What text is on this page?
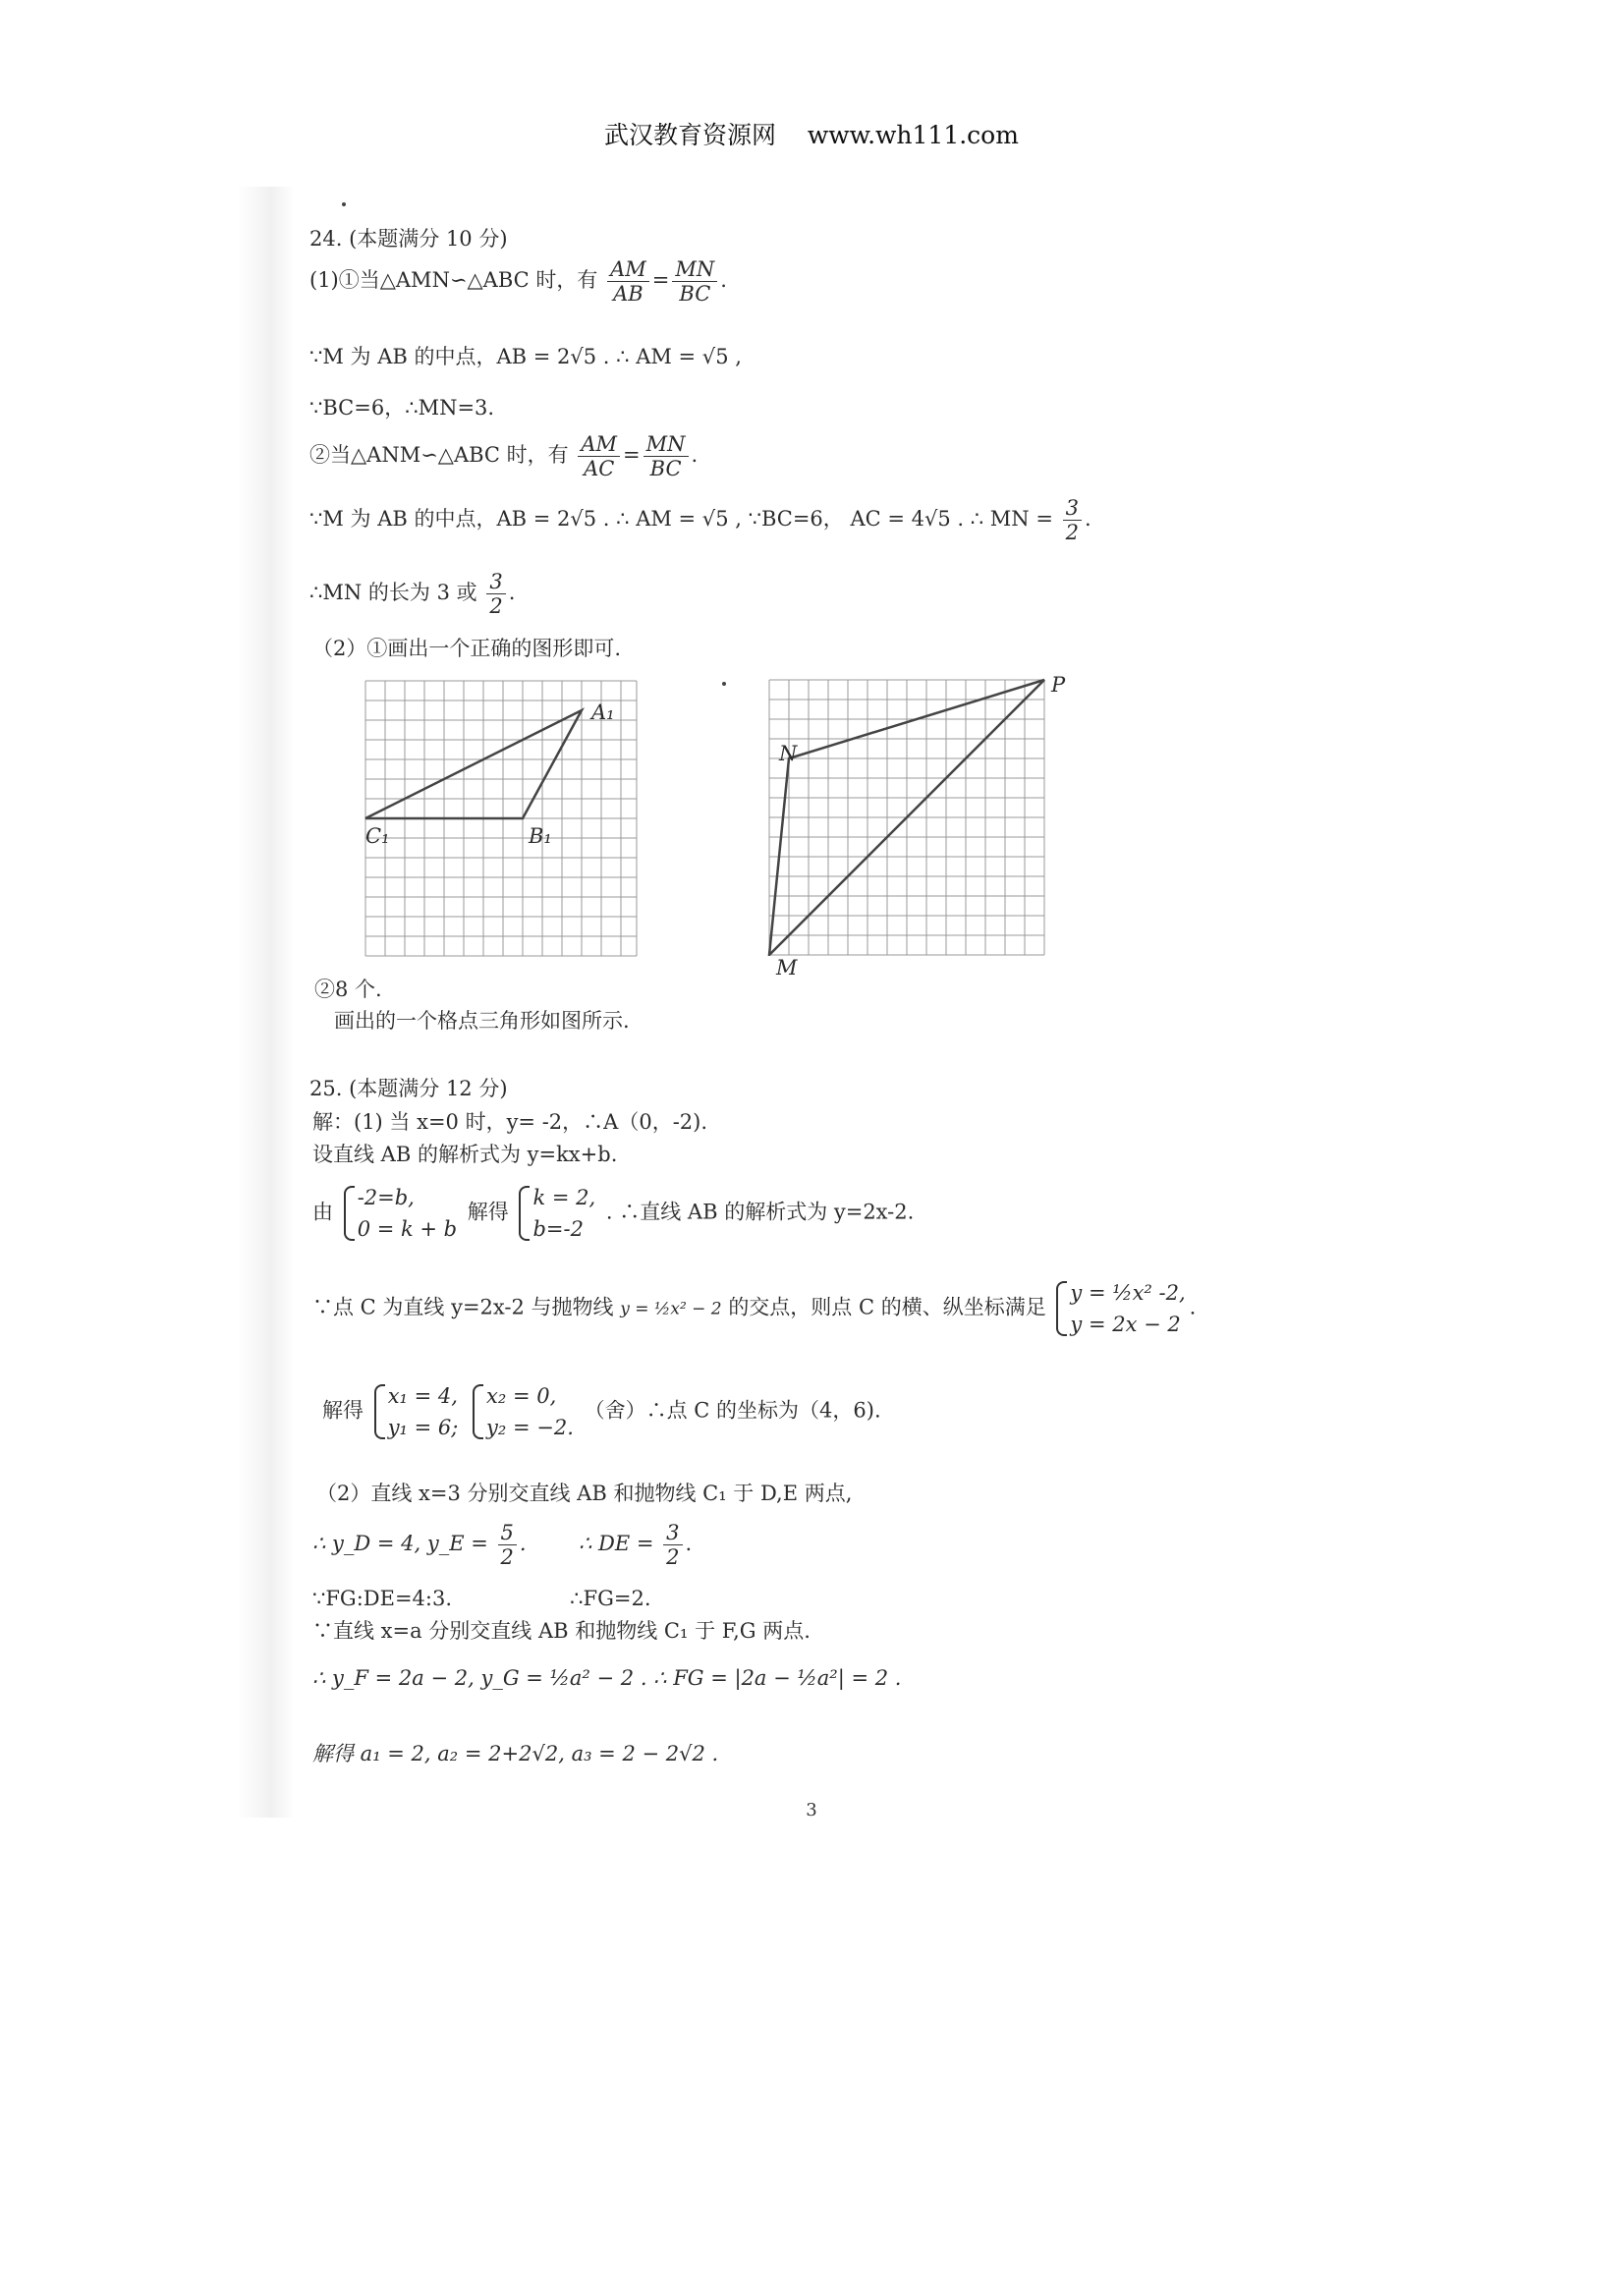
武汉教育资源网 www.wh111.com
24. (本题满分 10 分)
(1)①当△AMN∽△ABC 时，有 $\frac{AM}{AB} = \frac{MN}{BC}$ .
∵M 为 AB 的中点，AB = 2√5 . ∴ AM = √5 ,
∵BC=6，∴MN=3.
②当△ANM∽△ABC 时，有 $\frac{AM}{AC} = \frac{MN}{BC}$ .
∵M 为 AB 的中点，AB = 2√5 . ∴ AM = √5 , ∵BC=6， AC = 4√5 . ∴ MN = $\frac{3}{2}$ .
∴MN 的长为 3 或 $\frac{3}{2}$ .
（2）①画出一个正确的图形即可.
A₁
B₁
C₁
P
N
M
②8 个.
画出的一个格点三角形如图所示.
25. (本题满分 12 分)
解：(1) 当 x=0 时，y= -2，∴A（0，-2).
设直线 AB 的解析式为 y=kx+b.
由
-2=b,
0 = k + b
解得
k = 2,
b=-2
. ∴直线 AB 的解析式为 y=2x-2.
∵点 C 为直线 y=2x-2 与抛物线 y = ½x² − 2 的交点，则点 C 的横、纵坐标满足
y = ½x² -2,
y = 2x − 2
.
解得
x₁ = 4,
y₁ = 6;

x₂ = 0,
y₂ = −2.
（舍）∴点 C 的坐标为（4，6).
（2）直线 x=3 分别交直线 AB 和抛物线 C₁ 于 D,E 两点,
∴ y_D = 4, y_E = $\frac{5}{2}$ .        ∴ DE = $\frac{3}{2}$ .
∵FG:DE=4:3.                  ∴FG=2.
∵直线 x=a 分别交直线 AB 和抛物线 C₁ 于 F,G 两点.
∴ y_F = 2a − 2, y_G = ½a² − 2 . ∴ FG = |2a − ½a²| = 2 .
解得 a₁ = 2, a₂ = 2+2√2, a₃ = 2 − 2√2 .
3
